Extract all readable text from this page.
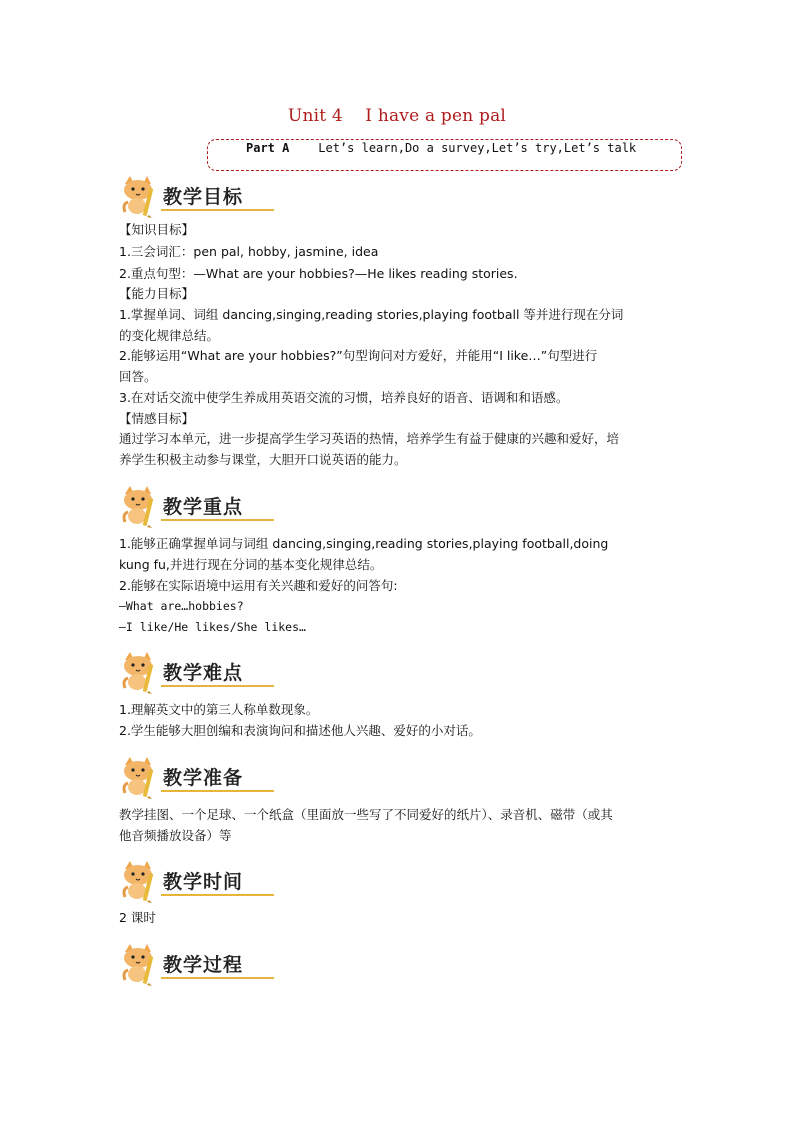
Unit 4    I have a pen pal
Part A    Let’s learn,Do a survey,Let’s try,Let’s talk
教学目标
【知识目标】
1.三会词汇：pen pal, hobby, jasmine, idea
2.重点句型：—What are your hobbies?—He likes reading stories.
【能力目标】
1.掌握单词、词组 dancing,singing,reading stories,playing football 等并进行现在分词
的变化规律总结。
2.能够运用“What are your hobbies?”句型询问对方爱好，并能用“I like…”句型进行
回答。
3.在对话交流中使学生养成用英语交流的习惯，培养良好的语音、语调和和语感。
【情感目标】
通过学习本单元，进一步提高学生学习英语的热情，培养学生有益于健康的兴趣和爱好，培
养学生积极主动参与课堂，大胆开口说英语的能力。
教学重点
1.能够正确掌握单词与词组 dancing,singing,reading stories,playing football,doing
kung fu,并进行现在分词的基本变化规律总结。
2.能够在实际语境中运用有关兴趣和爱好的问答句:
—What are…hobbies?
—I like/He likes/She likes…
教学难点
1.理解英文中的第三人称单数现象。
2.学生能够大胆创编和表演询问和描述他人兴趣、爱好的小对话。
教学准备
教学挂图、一个足球、一个纸盒（里面放一些写了不同爱好的纸片）、录音机、磁带（或其
他音频播放设备）等
教学时间
2 课时
教学过程
